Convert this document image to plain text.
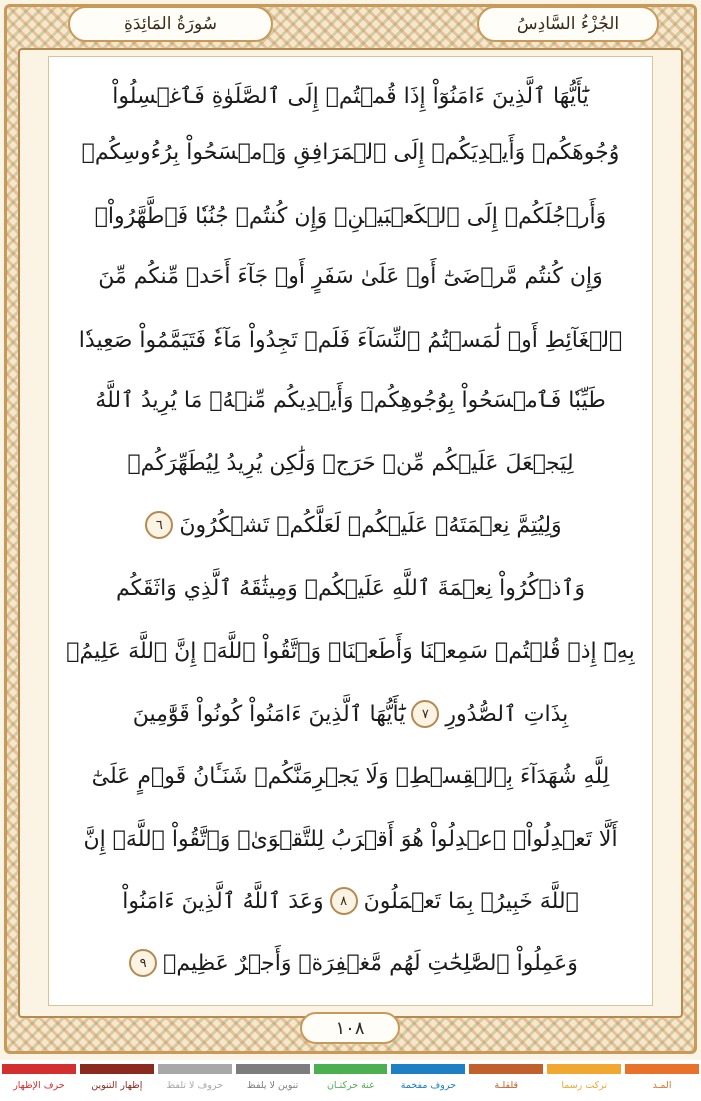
سُورَةُ المَائِدَةِ	الجُزْءُ السَّادِسُ
يَٰٓأَيُّهَا ٱلَّذِينَ ءَامَنُوٓاْ إِذَا قُمۡتُمۡ إِلَى ٱلصَّلَوٰةِ فَٱغۡسِلُواْ
وُجُوهَكُمۡ وَأَيۡدِيَكُمۡ إِلَى ٱلۡمَرَافِقِ وَٱمۡسَحُواْ بِرُءُوسِكُمۡ
وَأَرۡجُلَكُمۡ إِلَى ٱلۡكَعۡبَيۡنِۚ وَإِن كُنتُمۡ جُنُبٗا فَٱطَّهَّرُواْۚ
وَإِن كُنتُم مَّرۡضَىٰٓ أَوۡ عَلَىٰ سَفَرٍ أَوۡ جَآءَ أَحَدٞ مِّنكُم مِّنَ
ٱلۡغَآئِطِ أَوۡ لَٰمَسۡتُمُ ٱلنِّسَآءَ فَلَمۡ تَجِدُواْ مَآءٗ فَتَيَمَّمُواْ صَعِيدٗا
طَيِّبٗا فَٱمۡسَحُواْ بِوُجُوهِكُمۡ وَأَيۡدِيكُم مِّنۡهُۚ مَا يُرِيدُ ٱللَّهُ
لِيَجۡعَلَ عَلَيۡكُم مِّنۡ حَرَجٖ وَلَٰكِن يُرِيدُ لِيُطَهِّرَكُمۡ
وَلِيُتِمَّ نِعۡمَتَهُۥ عَلَيۡكُمۡ لَعَلَّكُمۡ تَشۡكُرُونَ
٦
وَٱذۡكُرُواْ نِعۡمَةَ ٱللَّهِ عَلَيۡكُمۡ وَمِيثَٰقَهُ ٱلَّذِي وَاثَقَكُم
بِهِۦٓ إِذۡ قُلۡتُمۡ سَمِعۡنَا وَأَطَعۡنَاۖ وَٱتَّقُواْ ٱللَّهَۚ إِنَّ ٱللَّهَ عَلِيمُۢ
بِذَاتِ ٱلصُّدُورِ
٧
يَٰٓأَيُّهَا ٱلَّذِينَ ءَامَنُواْ كُونُواْ قَوَّٰمِينَ
لِلَّهِ شُهَدَآءَ بِٱلۡقِسۡطِۖ وَلَا يَجۡرِمَنَّكُمۡ شَنَـَٔانُ قَوۡمٍ عَلَىٰٓ
أَلَّا تَعۡدِلُواْۚ ٱعۡدِلُواْ هُوَ أَقۡرَبُ لِلتَّقۡوَىٰۖ وَٱتَّقُواْ ٱللَّهَۚ إِنَّ
ٱللَّهَ خَبِيرُۢ بِمَا تَعۡمَلُونَ
٨
وَعَدَ ٱللَّهُ ٱلَّذِينَ ءَامَنُواْ
وَعَمِلُواْ ٱلصَّٰلِحَٰتِ لَهُم مَّغۡفِرَةٞ وَأَجۡرٌ عَظِيمٞ
٩
١٠٨
المـد
تركت رسما
قلقلـة
حروف مفخمة
غنة حركتـان
تنوين لا يلفظ
حروف لا تلفظ
إظهار التنوين
حرف الإظهار
